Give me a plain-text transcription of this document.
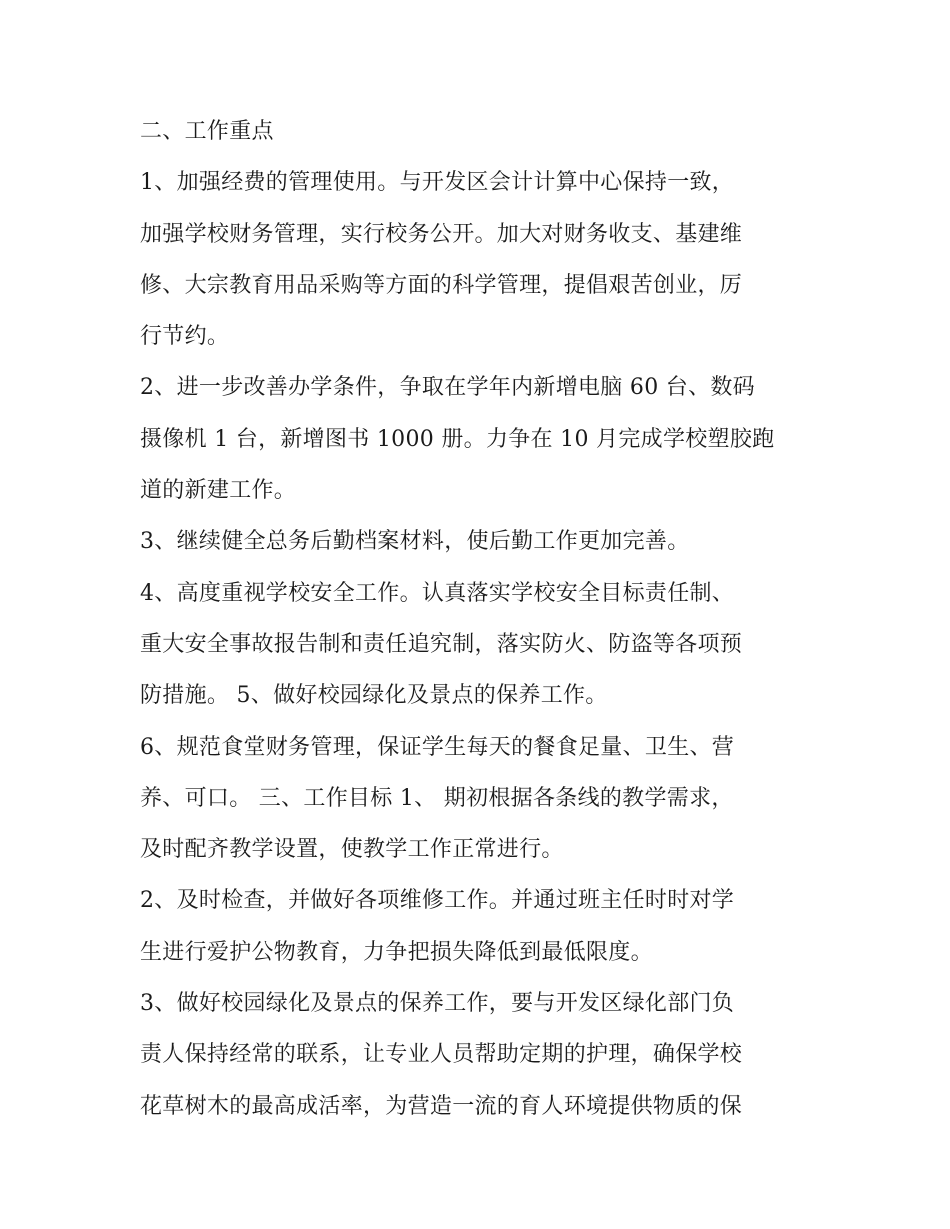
二、工作重点
1、加强经费的管理使用。与开发区会计计算中心保持一致，
加强学校财务管理，实行校务公开。加大对财务收支、基建维
修、大宗教育用品采购等方面的科学管理，提倡艰苦创业，厉
行节约。
2、进一步改善办学条件，争取在学年内新增电脑 60 台、数码
摄像机 1 台，新增图书 1000 册。力争在 10 月完成学校塑胶跑
道的新建工作。
3、继续健全总务后勤档案材料，使后勤工作更加完善。
4、高度重视学校安全工作。认真落实学校安全目标责任制、
重大安全事故报告制和责任追究制，落实防火、防盗等各项预
防措施。 5、做好校园绿化及景点的保养工作。
6、规范食堂财务管理，保证学生每天的餐食足量、卫生、营
养、可口。 三、工作目标 1、 期初根据各条线的教学需求，
及时配齐教学设置，使教学工作正常进行。
2、及时检查，并做好各项维修工作。并通过班主任时时对学
生进行爱护公物教育，力争把损失降低到最低限度。
3、做好校园绿化及景点的保养工作，要与开发区绿化部门负
责人保持经常的联系，让专业人员帮助定期的护理，确保学校
花草树木的最高成活率，为营造一流的育人环境提供物质的保
